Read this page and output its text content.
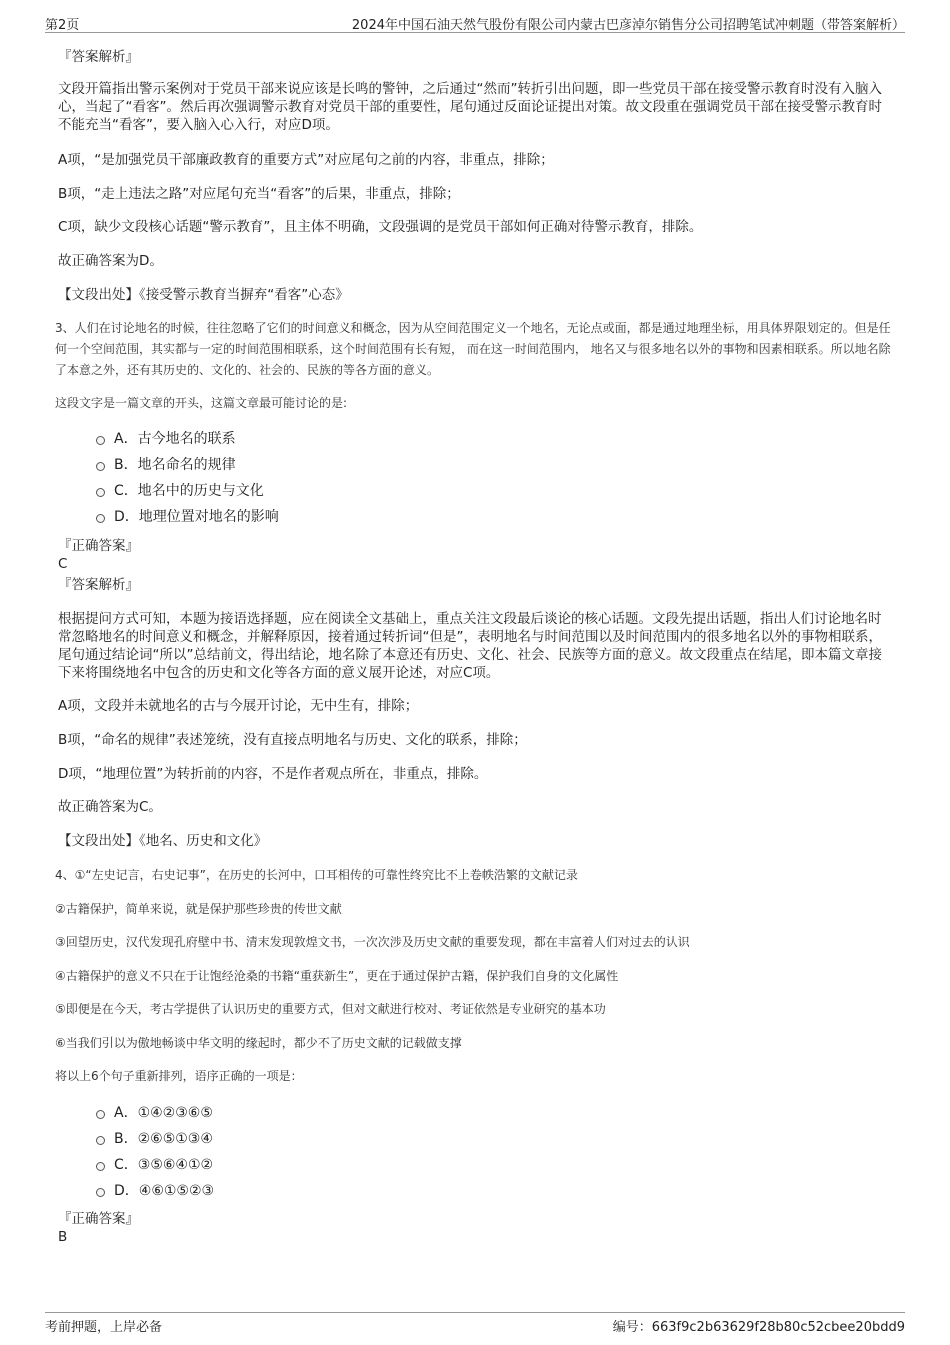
第2页	2024年中国石油天然气股份有限公司内蒙古巴彦淖尔销售分公司招聘笔试冲刺题（带答案解析）

『答案解析』

文段开篇指出警示案例对于党员干部来说应该是长鸣的警钟，之后通过“然而”转折引出问题，即一些党员干部在接受警示教育时没有入脑入心，当起了“看客”。然后再次强调警示教育对党员干部的重要性，尾句通过反面论证提出对策。故文段重在强调党员干部在接受警示教育时不能充当“看客”，要入脑入心入行，对应D项。

A项，“是加强党员干部廉政教育的重要方式”对应尾句之前的内容，非重点，排除；

B项，“走上违法之路”对应尾句充当“看客”的后果，非重点，排除；

C项，缺少文段核心话题“警示教育”，且主体不明确，文段强调的是党员干部如何正确对待警示教育，排除。

故正确答案为D。

【文段出处】《接受警示教育当摒弃“看客”心态》

3、人们在讨论地名的时候，往往忽略了它们的时间意义和概念，因为从空间范围定义一个地名，无论点或面，都是通过地理坐标，用具体界限划定的。但是任何一个空间范围，其实都与一定的时间范围相联系，这个时间范围有长有短， 而在这一时间范围内， 地名又与很多地名以外的事物和因素相联系。所以地名除了本意之外，还有其历史的、文化的、社会的、民族的等各方面的意义。

这段文字是一篇文章的开头，这篇文章最可能讨论的是:

A．古今地名的联系
B．地名命名的规律
C．地名中的历史与文化
D．地理位置对地名的影响

『正确答案』

C

『答案解析』

根据提问方式可知，本题为接语选择题，应在阅读全文基础上，重点关注文段最后谈论的核心话题。文段先提出话题，指出人们讨论地名时常忽略地名的时间意义和概念，并解释原因，接着通过转折词“但是”，表明地名与时间范围以及时间范围内的很多地名以外的事物相联系，尾句通过结论词“所以”总结前文，得出结论，地名除了本意还有历史、文化、社会、民族等方面的意义。故文段重点在结尾，即本篇文章接下来将围绕地名中包含的历史和文化等各方面的意义展开论述，对应C项。

A项，文段并未就地名的古与今展开讨论，无中生有，排除；

B项，“命名的规律”表述笼统，没有直接点明地名与历史、文化的联系，排除；

D项，“地理位置”为转折前的内容，不是作者观点所在，非重点，排除。

故正确答案为C。

【文段出处】《地名、历史和文化》

4、①“左史记言，右史记事”，在历史的长河中，口耳相传的可靠性终究比不上卷帙浩繁的文献记录

②古籍保护，简单来说，就是保护那些珍贵的传世文献

③回望历史，汉代发现孔府壁中书、清末发现敦煌文书，一次次涉及历史文献的重要发现，都在丰富着人们对过去的认识

④古籍保护的意义不只在于让饱经沧桑的书籍“重获新生”，更在于通过保护古籍，保护我们自身的文化属性

⑤即便是在今天，考古学提供了认识历史的重要方式，但对文献进行校对、考证依然是专业研究的基本功

⑥当我们引以为傲地畅谈中华文明的缘起时，都少不了历史文献的记载做支撑

将以上6个句子重新排列，语序正确的一项是：

A．①④②③⑥⑤
B．②⑥⑤①③④
C．③⑤⑥④①②
D．④⑥①⑤②③

『正确答案』

B

考前押题，上岸必备	编号：663f9c2b63629f28b80c52cbee20bdd9
